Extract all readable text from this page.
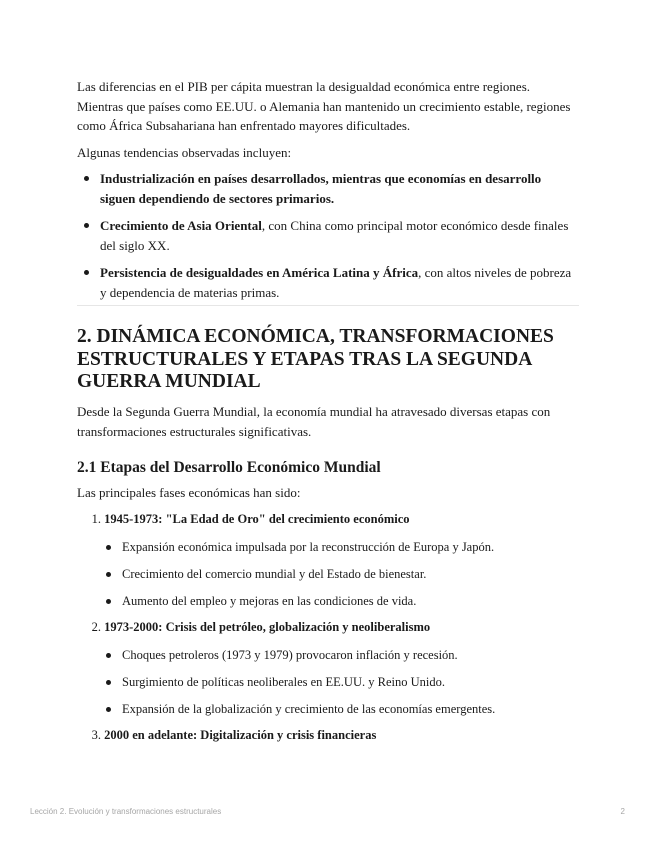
Las diferencias en el PIB per cápita muestran la desigualdad económica entre regiones. Mientras que países como EE.UU. o Alemania han mantenido un crecimiento estable, regiones como África Subsahariana han enfrentado mayores dificultades.

Algunas tendencias observadas incluyen:

Industrialización en países desarrollados, mientras que economías en desarrollo siguen dependiendo de sectores primarios.
Crecimiento de Asia Oriental, con China como principal motor económico desde finales del siglo XX.
Persistencia de desigualdades en América Latina y África, con altos niveles de pobreza y dependencia de materias primas.
2. DINÁMICA ECONÓMICA, TRANSFORMACIONES ESTRUCTURALES Y ETAPAS TRAS LA SEGUNDA GUERRA MUNDIAL

Desde la Segunda Guerra Mundial, la economía mundial ha atravesado diversas etapas con transformaciones estructurales significativas.

2.1 Etapas del Desarrollo Económico Mundial

Las principales fases económicas han sido:

1 . 1945-1973: "La Edad de Oro" del crecimiento económico
Expansión económica impulsada por la reconstrucción de Europa y Japón.
Crecimiento del comercio mundial y del Estado de bienestar.
Aumento del empleo y mejoras en las condiciones de vida.
2 . 1973-2000: Crisis del petróleo, globalización y neoliberalismo
Choques petroleros (1973 y 1979) provocaron inflación y recesión.
Surgimiento de políticas neoliberales en EE.UU. y Reino Unido.
Expansión de la globalización y crecimiento de las economías emergentes.
3 . 2000 en adelante: Digitalización y crisis financieras
Lección 2. Evolución y transformaciones estructurales	2
